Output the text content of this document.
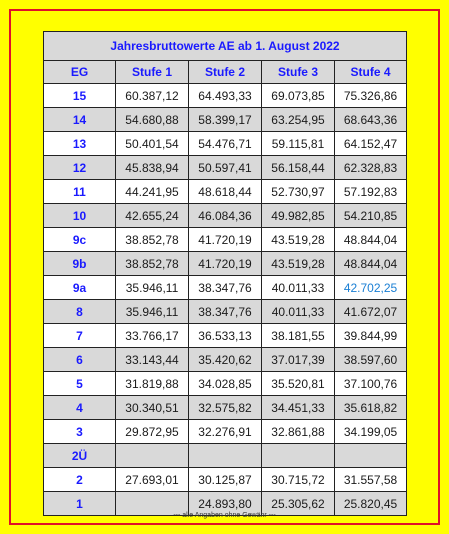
Jahresbruttowerte AE ab 1. August 2022				
EG	Stufe 1	Stufe 2	Stufe 3	Stufe 4
15	60.387,12	64.493,33	69.073,85	75.326,86
14	54.680,88	58.399,17	63.254,95	68.643,36
13	50.401,54	54.476,71	59.115,81	64.152,47
12	45.838,94	50.597,41	56.158,44	62.328,83
11	44.241,95	48.618,44	52.730,97	57.192,83
10	42.655,24	46.084,36	49.982,85	54.210,85
9c	38.852,78	41.720,19	43.519,28	48.844,04
9b	38.852,78	41.720,19	43.519,28	48.844,04
9a	35.946,11	38.347,76	40.011,33	42.702,25
8	35.946,11	38.347,76	40.011,33	41.672,07
7	33.766,17	36.533,13	38.181,55	39.844,99
6	33.143,44	35.420,62	37.017,39	38.597,60
5	31.819,88	34.028,85	35.520,81	37.100,76
4	30.340,51	32.575,82	34.451,33	35.618,82
3	29.872,95	32.276,91	32.861,88	34.199,05
2Ü				
2	27.693,01	30.125,87	30.715,72	31.557,58
1		24.893,80	25.305,62	25.820,45
--- alle Angaben ohne Gewähr ---
